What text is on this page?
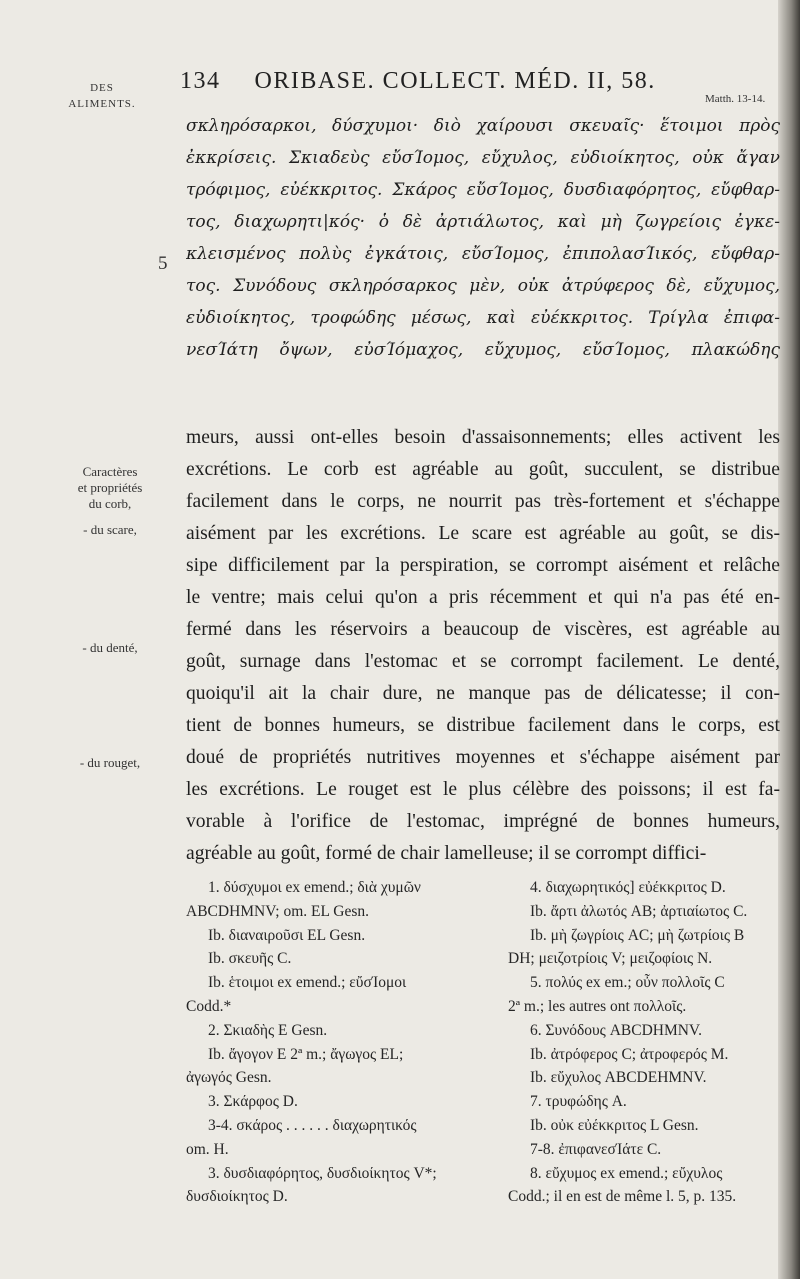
DES
ALIMENTS.
134 ORIBASE. COLLECT. MÉD. II, 58.
Matth. 13-14.
σκληρόσαρκοι, δύσχυμοι· διὸ χαίρουσι σκευαῖς· ἕτοιμοι πρὸς
ἐκκρίσεις. Σκιαδεὺς εὔσΊομος, εὔχυλος, εὐδιοίκητος, οὐκ ἄγαν
τρόφιμος, εὐέκκριτος. Σκάρος εὔσΊομος, δυσδιαφόρητος, εὔφθαρ-
τος, διαχωρητι|κός· ὁ δὲ ἀρτιάλωτος, καὶ μὴ ζωγρείοις ἐγκε-
κλεισμένος πολὺς ἐγκάτοις, εὔσΊομος, ἐπιπολασΊικός, εὔφθαρ-
τος. Συνόδους σκληρόσαρκος μὲν, οὐκ ἀτρύφερος δὲ, εὔχυμος,
εὐδιοίκητος, τροφώδης μέσως, καὶ εὐέκκριτος. Τρίγλα ἐπιφα-
νεσΊάτη ὄψων, εὐσΊόμαχος, εὔχυμος, εὔσΊομος, πλακώδης
5
meurs, aussi ont-elles besoin d'assaisonnements; elles activent les
excrétions. Le corb est agréable au goût, succulent, se distribue
facilement dans le corps, ne nourrit pas très-fortement et s'échappe
aisément par les excrétions. Le scare est agréable au goût, se dis-
sipe difficilement par la perspiration, se corrompt aisément et relâche
le ventre; mais celui qu'on a pris récemment et qui n'a pas été en-
fermé dans les réservoirs a beaucoup de viscères, est agréable au
goût, surnage dans l'estomac et se corrompt facilement. Le denté,
quoiqu'il ait la chair dure, ne manque pas de délicatesse; il con-
tient de bonnes humeurs, se distribue facilement dans le corps, est
doué de propriétés nutritives moyennes et s'échappe aisément par
les excrétions. Le rouget est le plus célèbre des poissons; il est fa-
vorable à l'orifice de l'estomac, imprégné de bonnes humeurs,
agréable au goût, formé de chair lamelleuse; il se corrompt diffici-
Caractères
et propriétés
du corb,
- du scare,
- du denté,
- du rouget,
1. δύσχυμοι ex emend.; διὰ χυμῶν
ABCDHMNV; om. EL Gesn.
Ib. διαναιροῦσι EL Gesn.
Ib. σκευῆς C.
Ib. ἑτοιμοι ex emend.; εὔσΊομοι
Codd.*
2. Σκιαδὴς E Gesn.
Ib. ἄγογον E 2ª m.; ἄγωγος EL;
ἀγωγός Gesn.
3. Σκάρφος D.
3-4. σκάρος . . . . . . διαχωρητικός
om. H.
3. δυσδιαφόρητος, δυσδιοίκητος V*;
δυσδιοίκητος D.
4. διαχωρητικός] εὐέκκριτος D.
Ib. ἄρτι ἀλωτός AB; ἀρτιαίωτος C.
Ib. μὴ ζωγρίοις AC; μὴ ζωτρίοις B
DH; μειζοτρίοις V; μειζοφίοις N.
5. πολύς ex em.; οὖν πολλοῖς C
2ª m.; les autres ont πολλοῖς.
6. Συνόδους ABCDHMNV.
Ib. ἀτρόφερος C; ἀτροφερός M.
Ib. εὔχυλος ABCDEHMNV.
7. τρυφώδης A.
Ib. οὐκ εὐέκκριτος L Gesn.
7-8. ἐπιφανεσΊάτε C.
8. εὔχυμος ex emend.; εὔχυλος
Codd.; il en est de même l. 5, p. 135.
